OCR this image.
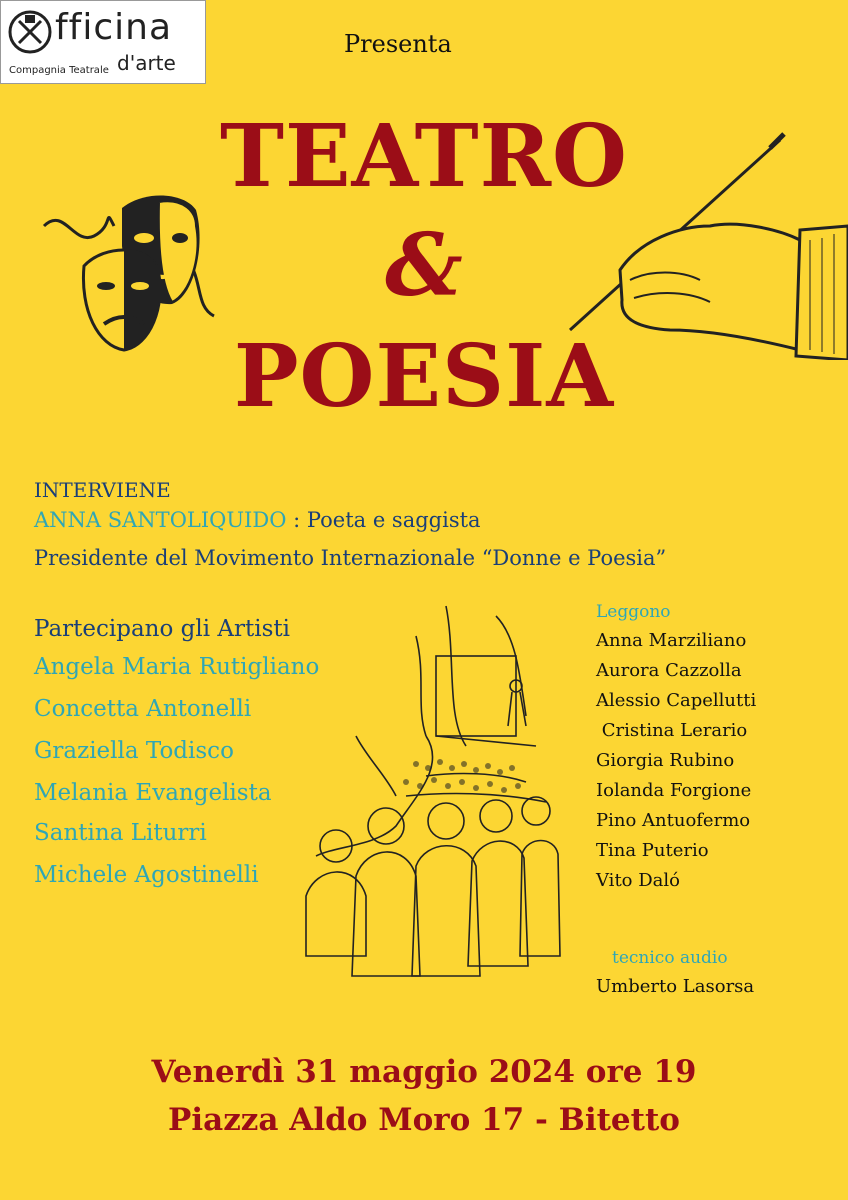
fficina
Compagnia Teatrale d'arte
Presenta
TEATRO
&
POESIA
INTERVIENE
ANNA SANTOLIQUIDO : Poeta e saggista
Presidente del Movimento Internazionale “Donne e Poesia”
Partecipano gli Artisti
Angela Maria Rutigliano
Concetta Antonelli
Graziella Todisco
Melania Evangelista
Santina Liturri
Michele Agostinelli
Leggono
Anna Marziliano
Aurora Cazzolla
Alessio Capellutti
Cristina Lerario
Giorgia Rubino
Iolanda Forgione
Pino Antuofermo
Tina Puterio
Vito Daló
tecnico audio
Umberto Lasorsa
Venerdì 31 maggio 2024 ore 19
Piazza Aldo Moro 17 - Bitetto
